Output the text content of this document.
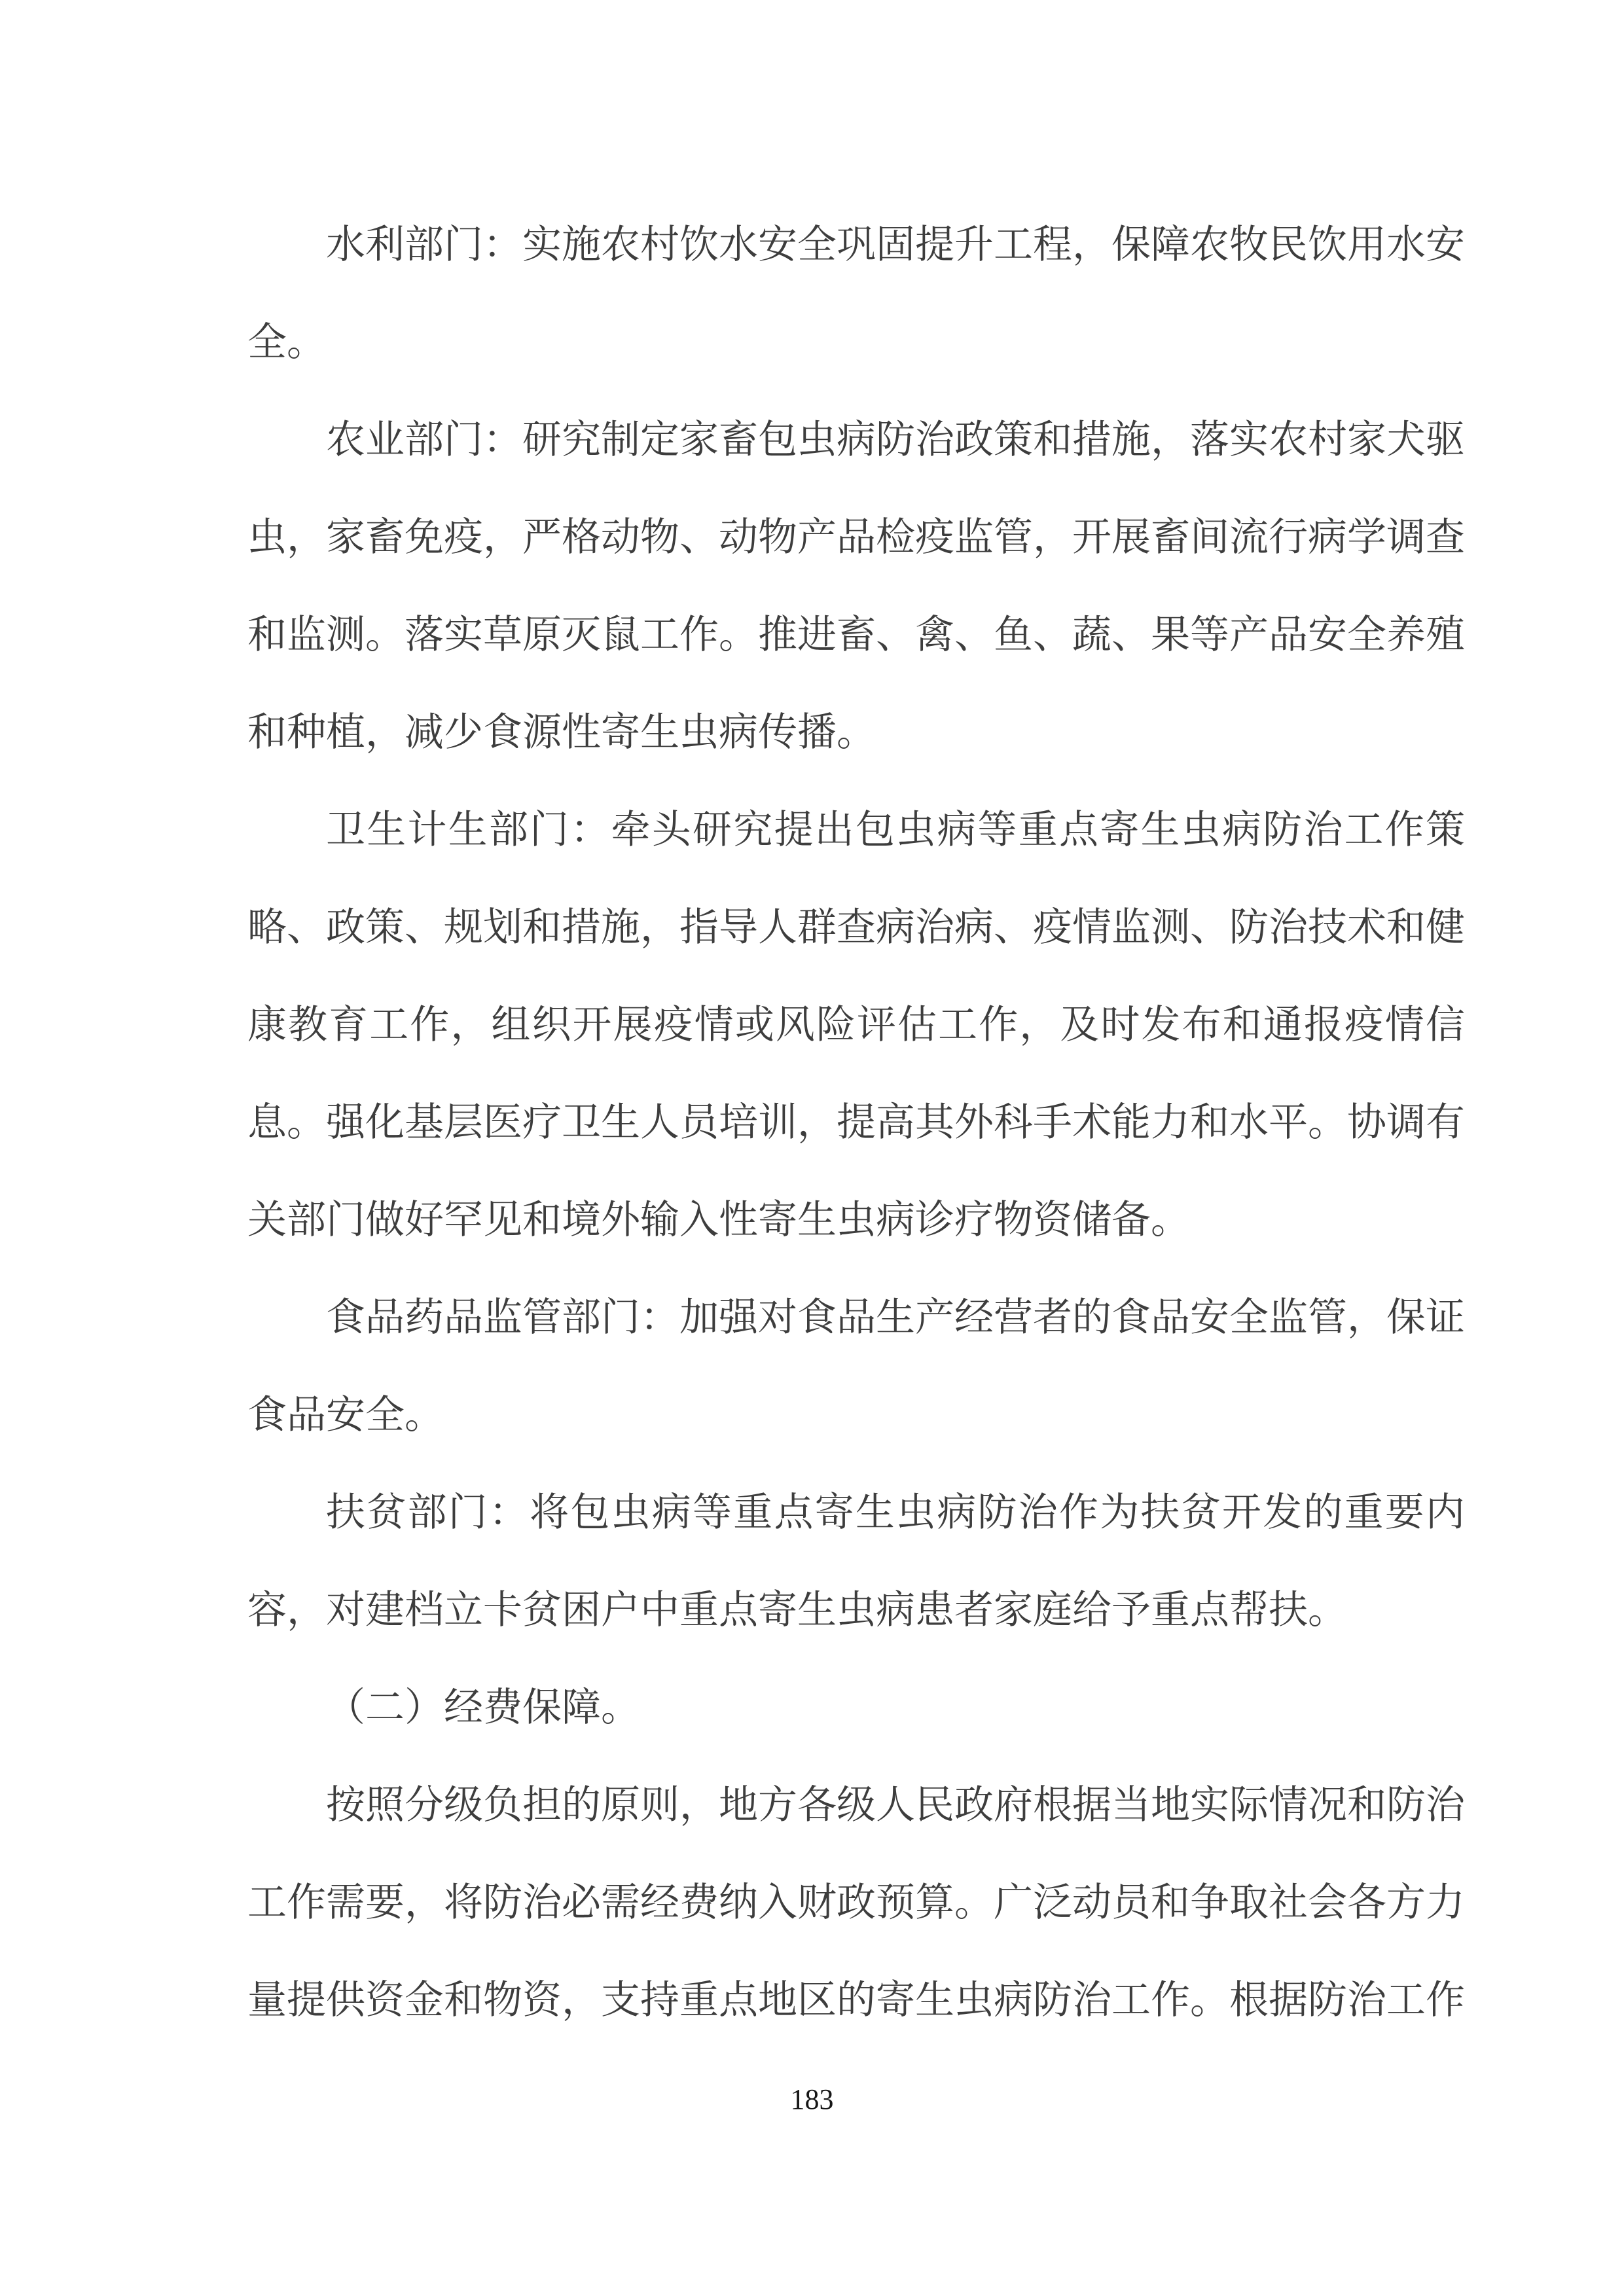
水利部门：实施农村饮水安全巩固提升工程，保障农牧民饮用水安全。

农业部门：研究制定家畜包虫病防治政策和措施，落实农村家犬驱虫，家畜免疫，严格动物、动物产品检疫监管，开展畜间流行病学调查和监测。落实草原灭鼠工作。推进畜、禽、鱼、蔬、果等产品安全养殖和种植，减少食源性寄生虫病传播。

卫生计生部门：牵头研究提出包虫病等重点寄生虫病防治工作策略、政策、规划和措施，指导人群查病治病、疫情监测、防治技术和健康教育工作，组织开展疫情或风险评估工作，及时发布和通报疫情信息。强化基层医疗卫生人员培训，提高其外科手术能力和水平。协调有关部门做好罕见和境外输入性寄生虫病诊疗物资储备。

食品药品监管部门：加强对食品生产经营者的食品安全监管，保证食品安全。

扶贫部门：将包虫病等重点寄生虫病防治作为扶贫开发的重要内容，对建档立卡贫困户中重点寄生虫病患者家庭给予重点帮扶。

（二）经费保障。

按照分级负担的原则，地方各级人民政府根据当地实际情况和防治工作需要，将防治必需经费纳入财政预算。广泛动员和争取社会各方力量提供资金和物资，支持重点地区的寄生虫病防治工作。根据防治工作

183
